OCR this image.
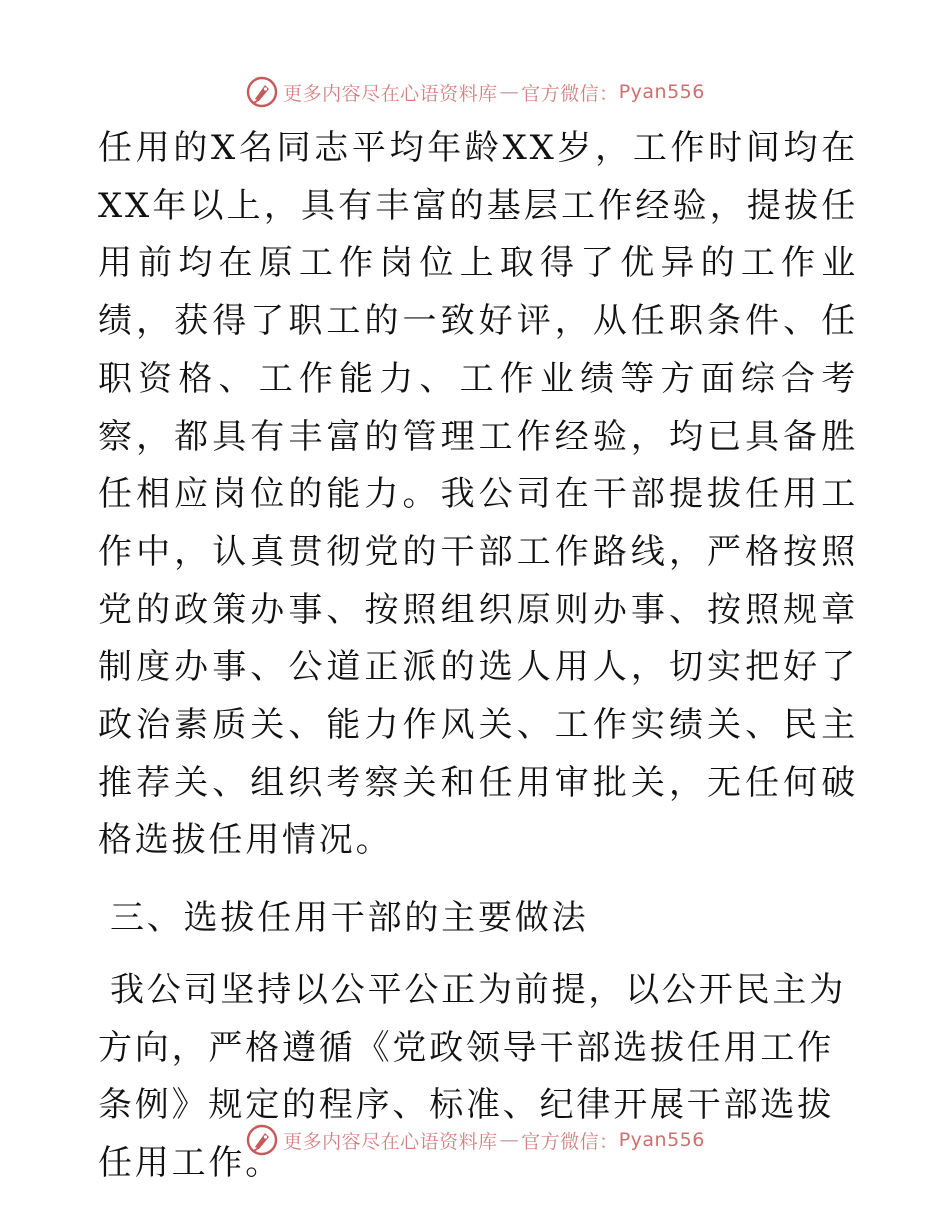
更多内容尽在心语资料库 — 官方微信： Pyan556

任用的X名同志平均年龄XX岁，工作时间均在XX年以上，具有丰富的基层工作经验，提拔任用前均在原工作岗位上取得了优异的工作业绩，获得了职工的一致好评，从任职条件、任职资格、工作能力、工作业绩等方面综合考察，都具有丰富的管理工作经验，均已具备胜任相应岗位的能力。我公司在干部提拔任用工作中，认真贯彻党的干部工作路线，严格按照党的政策办事、按照组织原则办事、按照规章制度办事、公道正派的选人用人，切实把好了政治素质关、能力作风关、工作实绩关、民主推荐关、组织考察关和任用审批关，无任何破格选拔任用情况。

三、选拔任用干部的主要做法

我公司坚持以公平公正为前提，以公开民主为方向，严格遵循《党政领导干部选拔任用工作条例》规定的程序、标准、纪律开展干部选拔任用工作。

更多内容尽在心语资料库 — 官方微信： Pyan556
